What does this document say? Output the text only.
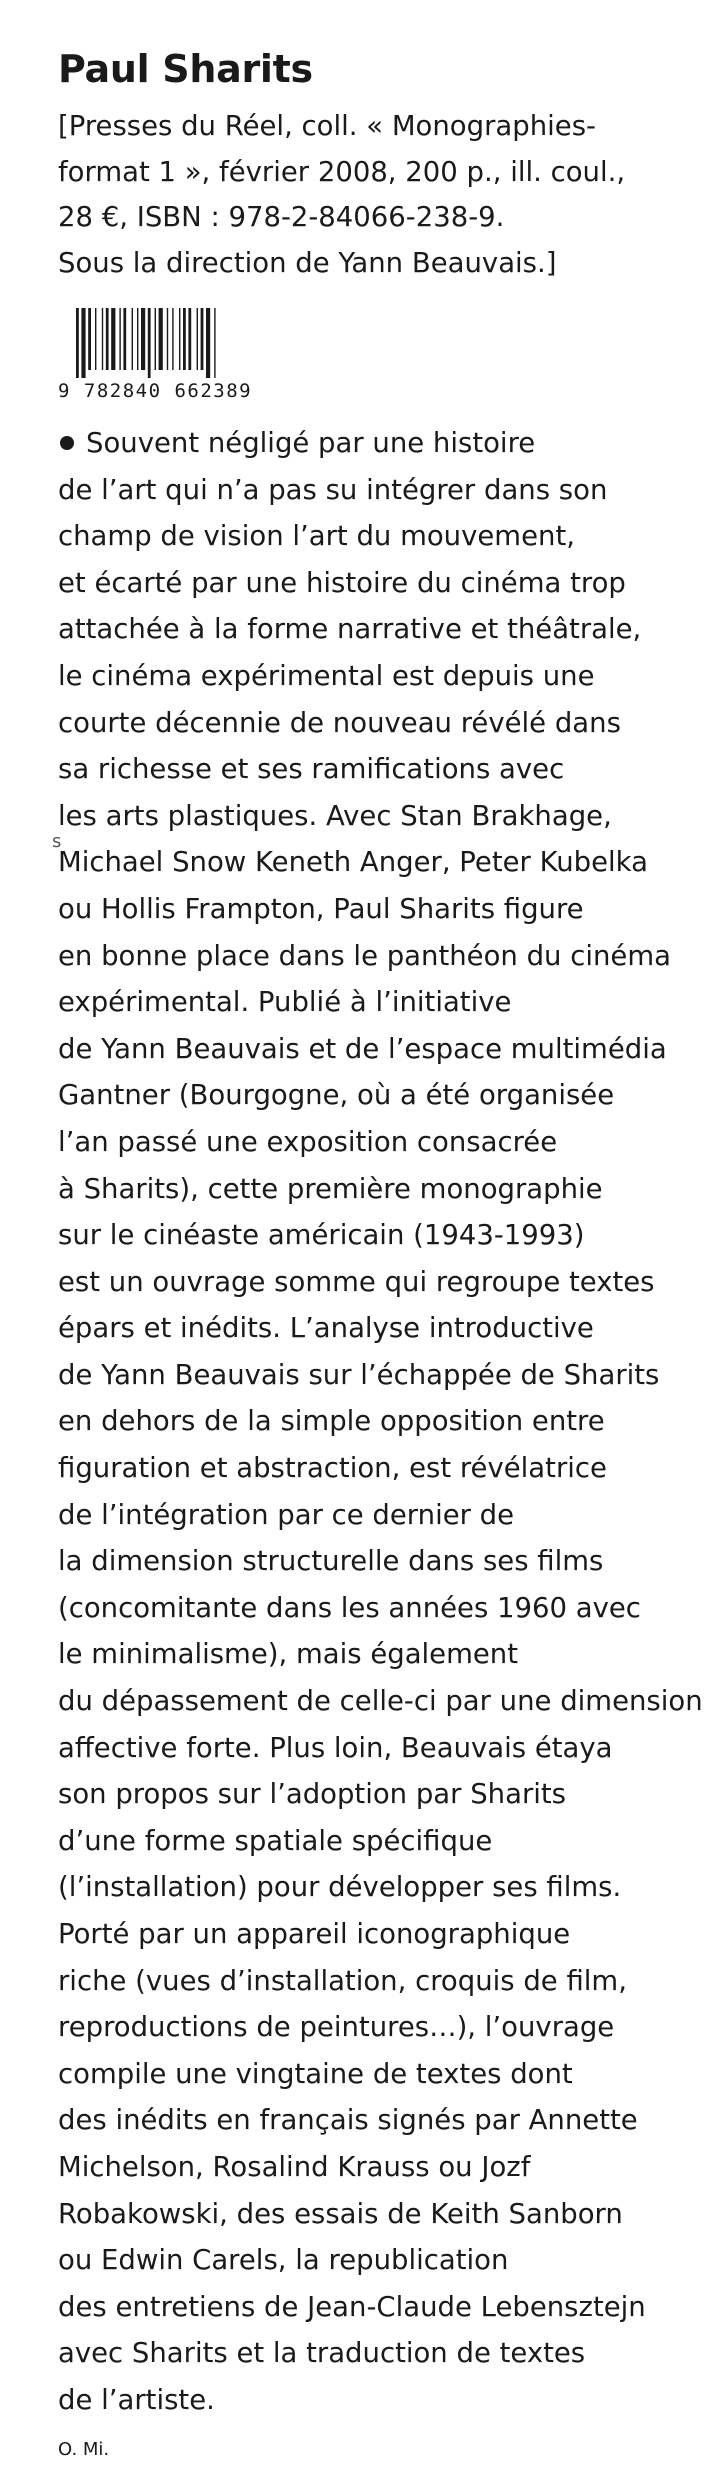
s
Paul Sharits
[Presses du Réel, coll. « Monographies-
format 1 », février 2008, 200 p., ill. coul.,
28 €, ISBN : 978-2-84066-238-9.
Sous la direction de Yann Beauvais.]
9 782840 662389
Souvent négligé par une histoire
de l’art qui n’a pas su intégrer dans son
champ de vision l’art du mouvement,
et écarté par une histoire du cinéma trop
attachée à la forme narrative et théâtrale,
le cinéma expérimental est depuis une
courte décennie de nouveau révélé dans
sa richesse et ses ramifications avec
les arts plastiques. Avec Stan Brakhage,
Michael Snow Keneth Anger, Peter Kubelka
ou Hollis Frampton, Paul Sharits figure
en bonne place dans le panthéon du cinéma
expérimental. Publié à l’initiative
de Yann Beauvais et de l’espace multimédia
Gantner (Bourgogne, où a été organisée
l’an passé une exposition consacrée
à Sharits), cette première monographie
sur le cinéaste américain (1943-1993)
est un ouvrage somme qui regroupe textes
épars et inédits. L’analyse introductive
de Yann Beauvais sur l’échappée de Sharits
en dehors de la simple opposition entre
figuration et abstraction, est révélatrice
de l’intégration par ce dernier de
la dimension structurelle dans ses films
(concomitante dans les années 1960 avec
le minimalisme), mais également
du dépassement de celle-ci par une dimension
affective forte. Plus loin, Beauvais étaya
son propos sur l’adoption par Sharits
d’une forme spatiale spécifique
(l’installation) pour développer ses films.
Porté par un appareil iconographique
riche (vues d’installation, croquis de film,
reproductions de peintures…), l’ouvrage
compile une vingtaine de textes dont
des inédits en français signés par Annette
Michelson, Rosalind Krauss ou Jozf
Robakowski, des essais de Keith Sanborn
ou Edwin Carels, la republication
des entretiens de Jean-Claude Lebensztejn
avec Sharits et la traduction de textes
de l’artiste.
O. Mi.
